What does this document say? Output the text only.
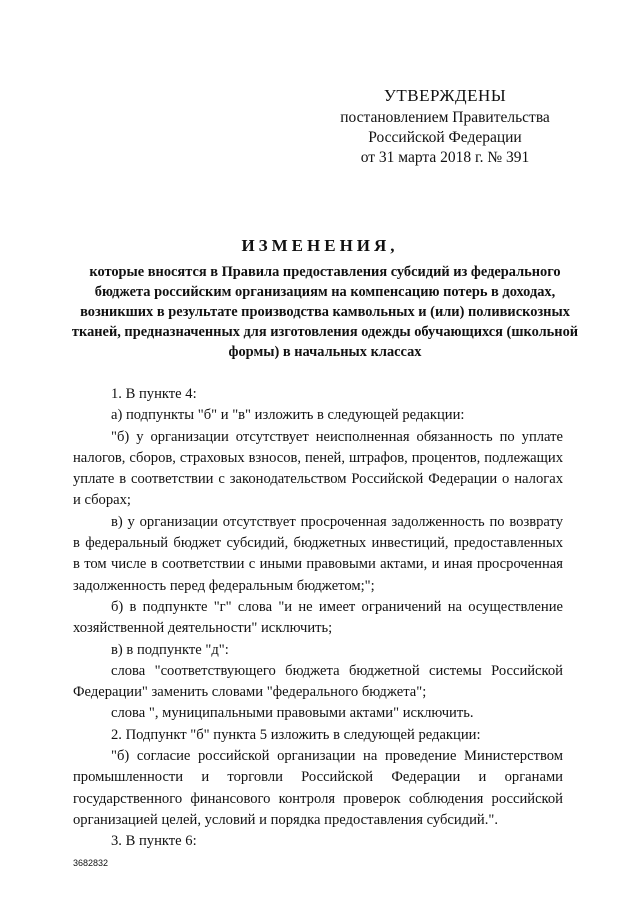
УТВЕРЖДЕНЫ
постановлением Правительства
Российской Федерации
от 31 марта 2018 г. № 391
ИЗМЕНЕНИЯ,
которые вносятся в Правила предоставления субсидий из федерального бюджета российским организациям на компенсацию потерь в доходах, возникших в результате производства камвольных и (или) поливискозных тканей, предназначенных для изготовления одежды обучающихся (школьной формы) в начальных классах

1. В пункте 4:

а) подпункты "б" и "в" изложить в следующей редакции:

"б) у организации отсутствует неисполненная обязанность по уплате налогов, сборов, страховых взносов, пеней, штрафов, процентов, подлежащих уплате в соответствии с законодательством Российской Федерации о налогах и сборах;

в) у организации отсутствует просроченная задолженность по возврату в федеральный бюджет субсидий, бюджетных инвестиций, предоставленных в том числе в соответствии с иными правовыми актами, и иная просроченная задолженность перед федеральным бюджетом;";

б) в подпункте "г" слова "и не имеет ограничений на осуществление хозяйственной деятельности" исключить;

в) в подпункте "д":

слова "соответствующего бюджета бюджетной системы Российской Федерации" заменить словами "федерального бюджета";

слова ", муниципальными правовыми актами" исключить.

2. Подпункт "б" пункта 5 изложить в следующей редакции:

"б) согласие российской организации на проведение Министерством промышленности и торговли Российской Федерации и органами государственного финансового контроля проверок соблюдения российской организацией целей, условий и порядка предоставления субсидий.".

3. В пункте 6:

3682832
